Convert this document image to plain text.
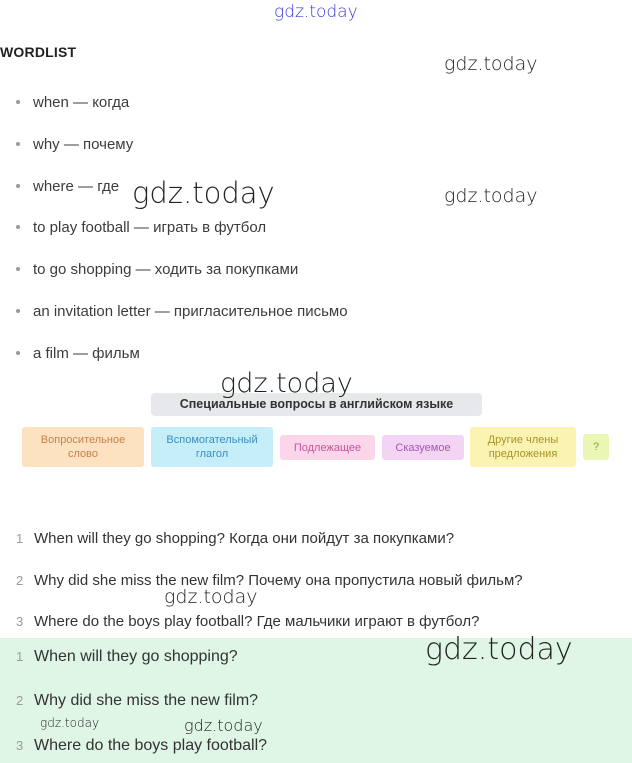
gdz.today
WORDLIST
when — когда
why — почему
where — где
to play football — играть в футбол
to go shopping — ходить за покупками
an invitation letter — пригласительное письмо
a film — фильм
Специальные вопросы в английском языке
Вопросительное
слово
Вспомогательный
глагол
Подлежащее	Сказуемое
Другие члены
предложения
?
1 When will they go shopping? Когда они пойдут за покупками?
2 Why did she miss the new film? Почему она пропустила новый фильм?
3 Where do the boys play football? Где мальчики играют в футбол?
1 When will they go shopping?
2 Why did she miss the new film?
3 Where do the boys play football?
gdz.today
gdz.today	gdz.today
gdz.today
gdz.today
gdz.today
gdz.today	gdz.today
